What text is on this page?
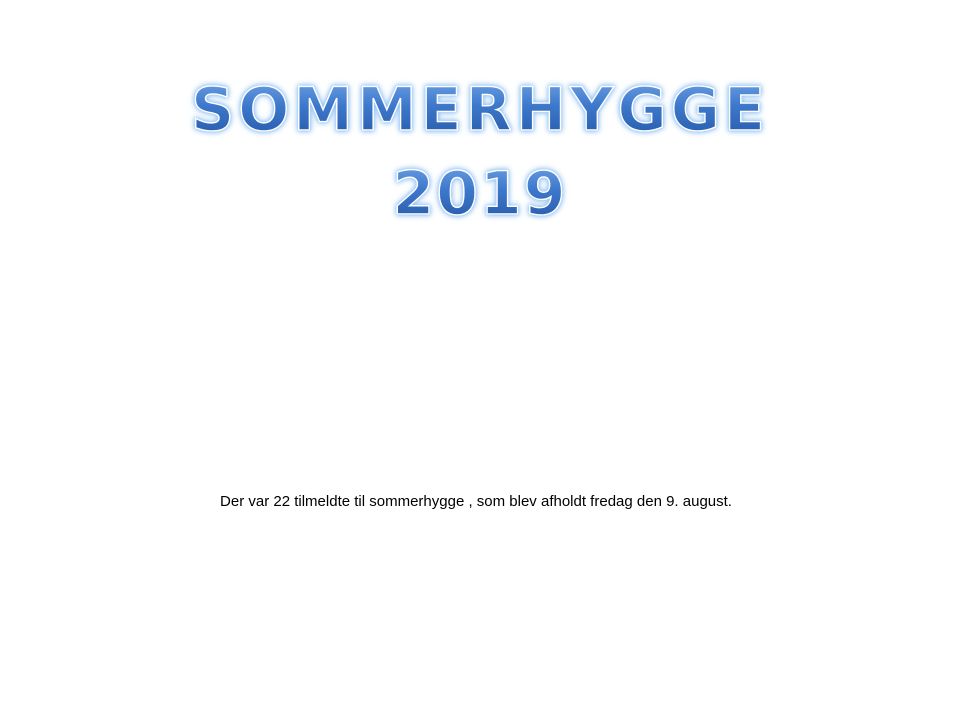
SOMMERHYGGE
2019
Der var 22 tilmeldte til sommerhygge , som blev afholdt fredag den 9. august.
